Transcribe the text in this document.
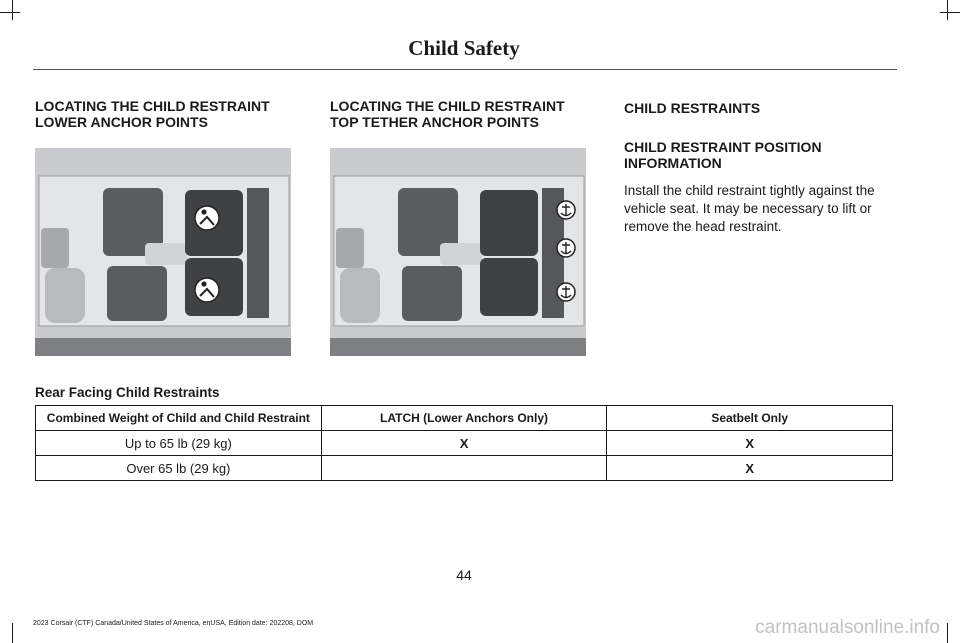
Child Safety
LOCATING THE CHILD RESTRAINT LOWER ANCHOR POINTS
LOCATING THE CHILD RESTRAINT TOP TETHER ANCHOR POINTS
CHILD RESTRAINTS
CHILD RESTRAINT POSITION INFORMATION
Install the child restraint tightly against the vehicle seat. It may be necessary to lift or remove the head restraint.
Rear Facing Child Restraints
Combined Weight of Child and Child Restraint	LATCH (Lower Anchors Only)	Seatbelt Only
Up to 65 lb (29 kg)	X	X
Over 65 lb (29 kg)		X
44
2023 Corsair (CTF) Canada/United States of America, enUSA, Edition date: 202208, DOM	carmanualsonline.info
